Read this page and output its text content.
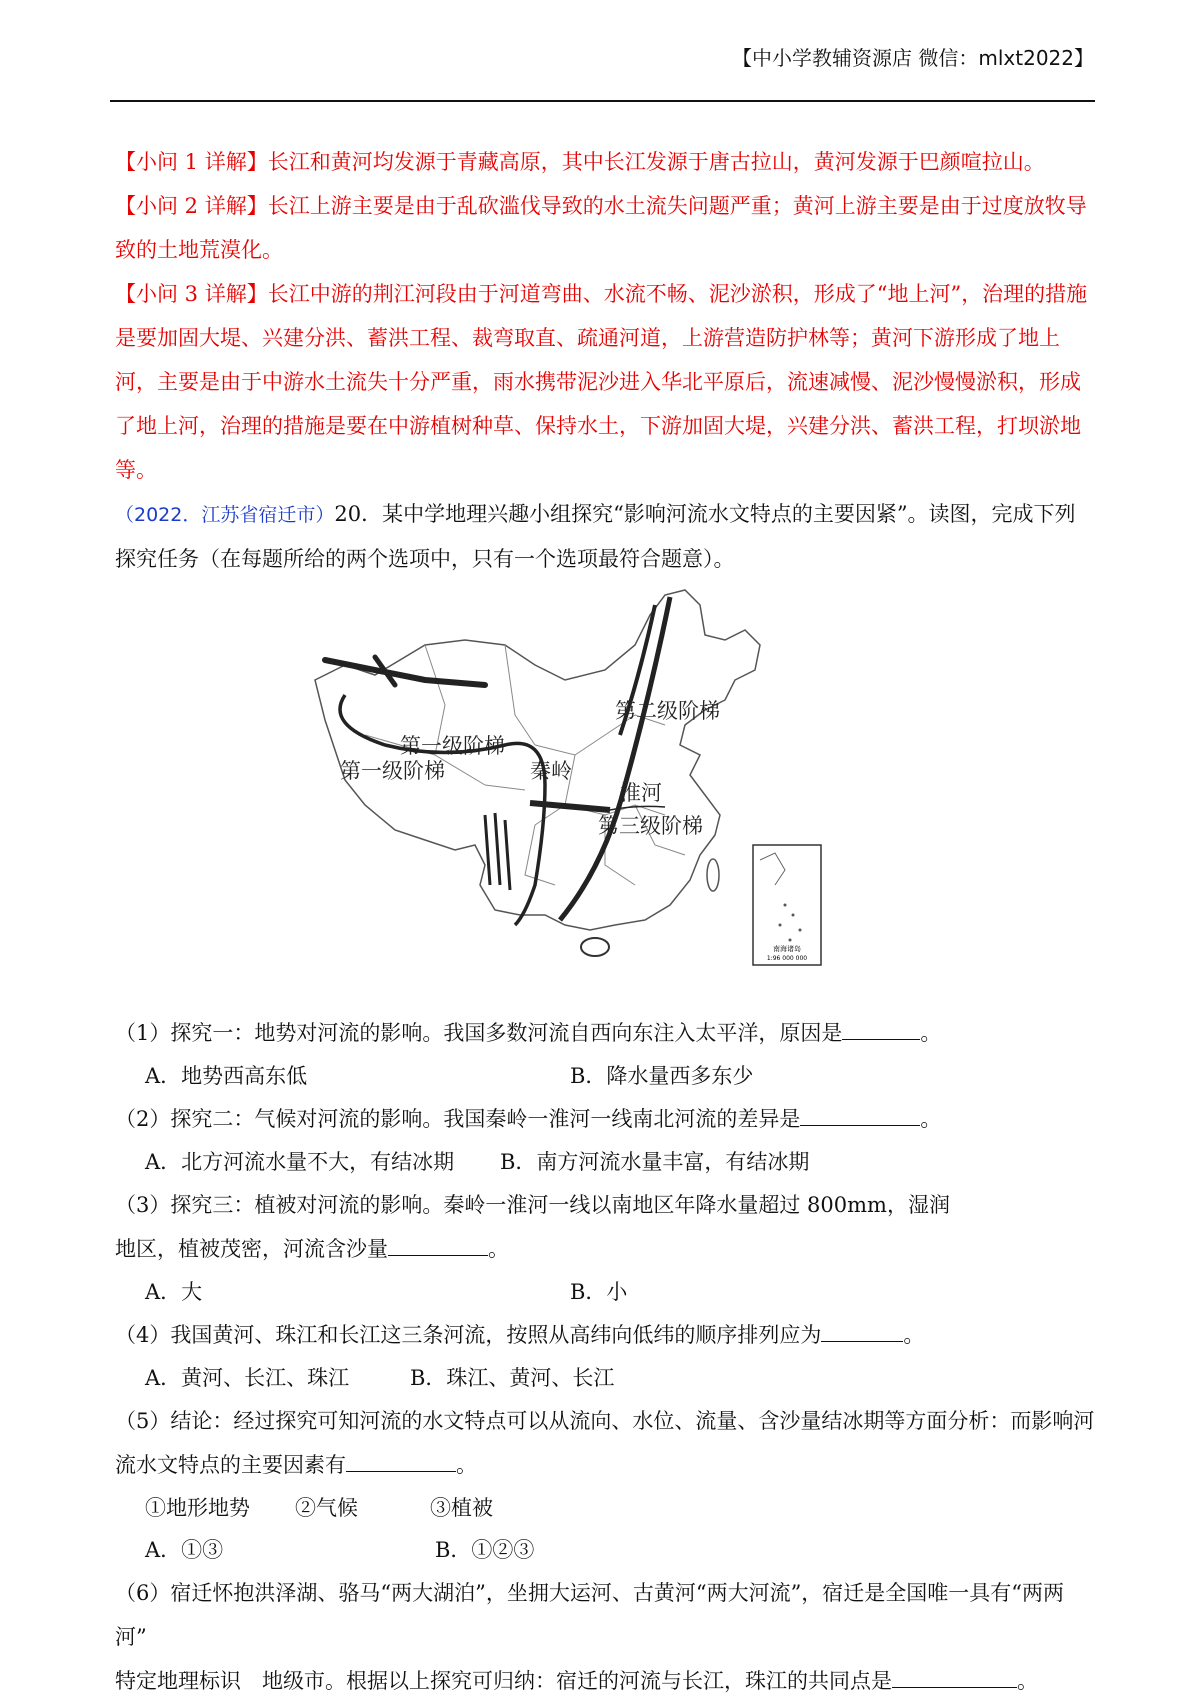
【中小学教辅资源店 微信：mlxt2022】

【小问 1 详解】长江和黄河均发源于青藏高原，其中长江发源于唐古拉山，黄河发源于巴颜喧拉山。

【小问 2 详解】长江上游主要是由于乱砍滥伐导致的水土流失问题严重；黄河上游主要是由于过度放牧导致的土地荒漠化。

【小问 3 详解】长江中游的荆江河段由于河道弯曲、水流不畅、泥沙淤积，形成了“地上河”，治理的措施是要加固大堤、兴建分洪、蓄洪工程、裁弯取直、疏通河道，上游营造防护林等；黄河下游形成了地上河，主要是由于中游水土流失十分严重，雨水携带泥沙进入华北平原后，流速减慢、泥沙慢慢淤积，形成了地上河，治理的措施是要在中游植树种草、保持水土，下游加固大堤，兴建分洪、蓄洪工程，打坝淤地等。

（2022．江苏省宿迁市）20．某中学地理兴趣小组探究“影响河流水文特点的主要因紧”。读图，完成下列探究任务（在每题所给的两个选项中，只有一个选项最符合题意）。

南海诸岛
1:96 000 000
第二级阶梯
第一级阶梯
第一级阶梯	秦岭
淮河
第三级阶梯

（1）探究一：地势对河流的影响。我国多数河流自西向东注入太平洋，原因是	。

A．地势西高东低	B．降水量西多东少

（2）探究二：气候对河流的影响。我国秦岭一淮河一线南北河流的差异是	。

A．北方河流水量不大，有结冰期	B．南方河流水量丰富，有结冰期

（3）探究三：植被对河流的影响。秦岭一淮河一线以南地区年降水量超过 800mm，湿润
地区，植被茂密，河流含沙量	。

A．大	B．小

（4）我国黄河、珠江和长江这三条河流，按照从高纬向低纬的顺序排列应为	。

A．黄河、长江、珠江	B．珠江、黄河、长江

（5）结论：经过探究可知河流的水文特点可以从流向、水位、流量、含沙量结冰期等方面分析：而影响河
流水文特点的主要因素有	。

①地形地势	②气候	③植被
A．①③	B．①②③

（6）宿迁怀抱洪泽湖、骆马“两大湖泊”，坐拥大运河、古黄河“两大河流”，宿迁是全国唯一具有“两两河”
特定地理标识　地级市。根据以上探究可归纳：宿迁的河流与长江，珠江的共同点是	。
